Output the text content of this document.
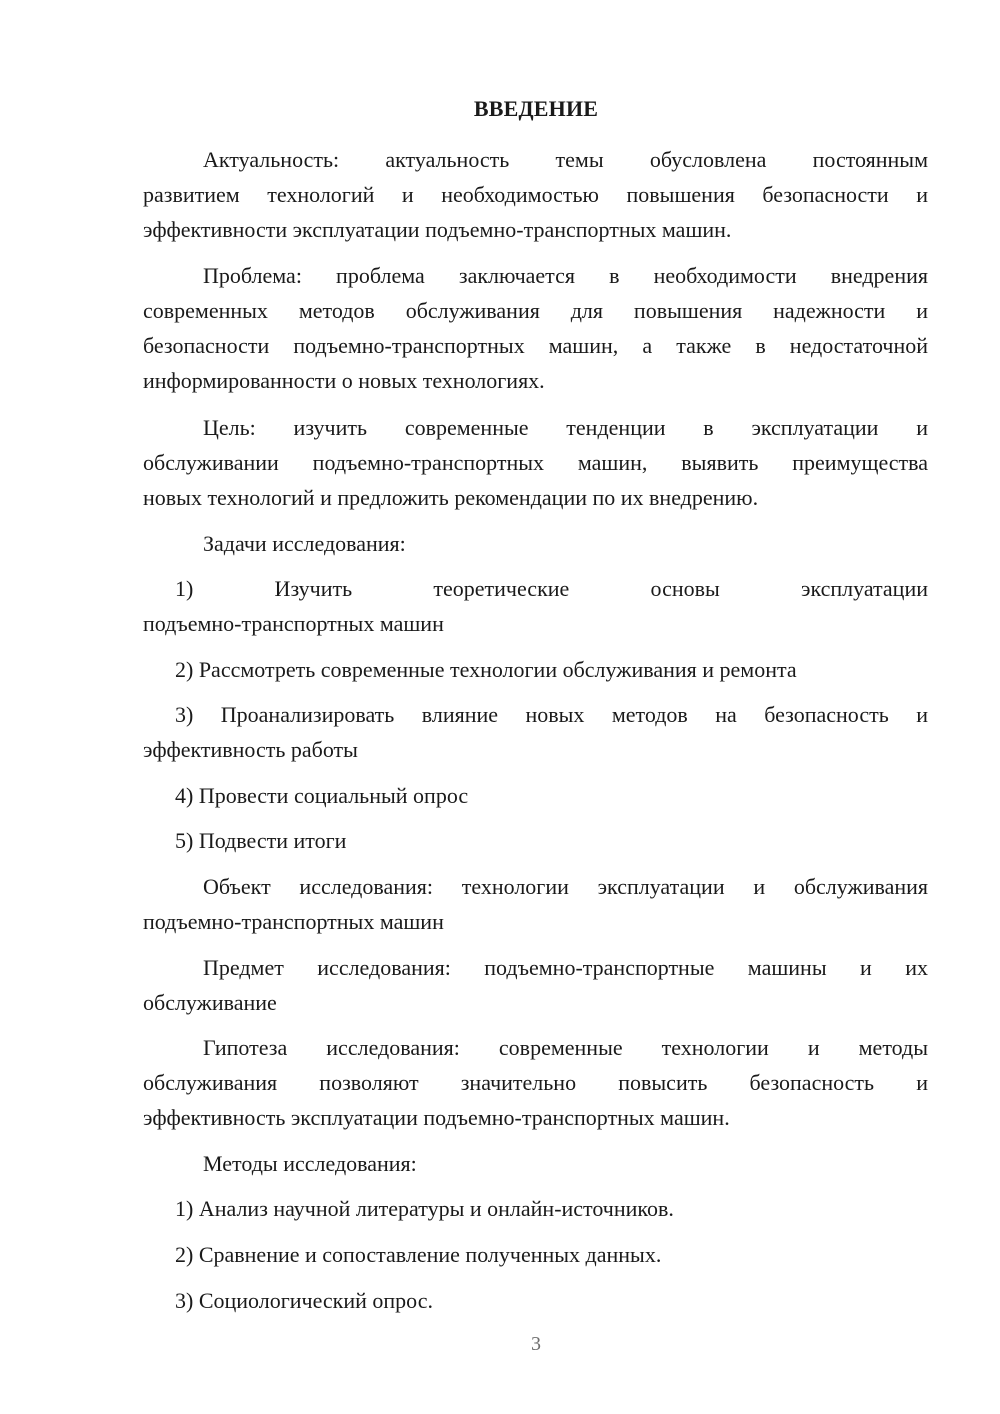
ВВЕДЕНИЕ
Актуальность: актуальность темы обусловлена постоянным
развитием технологий и необходимостью повышения безопасности и
эффективности эксплуатации подъемно-транспортных машин.
Проблема: проблема заключается в необходимости внедрения
современных методов обслуживания для повышения надежности и
безопасности подъемно-транспортных машин, а также в недостаточной
информированности о новых технологиях.
Цель: изучить современные тенденции в эксплуатации и
обслуживании подъемно-транспортных машин, выявить преимущества
новых технологий и предложить рекомендации по их внедрению.
Задачи исследования:
1) Изучить теоретические основы эксплуатации
подъемно-транспортных машин
2) Рассмотреть современные технологии обслуживания и ремонта
3) Проанализировать влияние новых методов на безопасность и
эффективность работы
4) Провести социальный опрос
5) Подвести итоги
Объект исследования: технологии эксплуатации и обслуживания
подъемно-транспортных машин
Предмет исследования: подъемно-транспортные машины и их
обслуживание
Гипотеза исследования: современные технологии и методы
обслуживания позволяют значительно повысить безопасность и
эффективность эксплуатации подъемно-транспортных машин.
Методы исследования:
1) Анализ научной литературы и онлайн-источников.
2) Сравнение и сопоставление полученных данных.
3) Социологический опрос.
3
